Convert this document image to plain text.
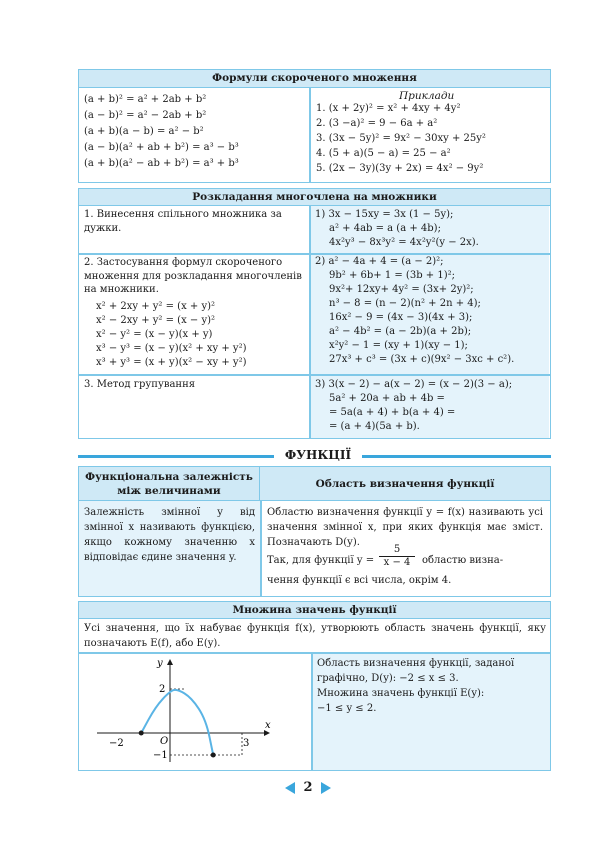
Формули скороченого множення
(a + b)² = a² + 2ab + b²
(a − b)² = a² − 2ab + b²
(a + b)(a − b) = a² − b²
(a − b)(a² + ab + b²) = a³ − b³
(a + b)(a² − ab + b²) = a³ + b³
Приклади
1. (x + 2y)² = x² + 4xy + 4y²
2. (3 −a)² = 9 − 6a + a²
3. (3x − 5y)² = 9x² − 30xy + 25y²
4. (5 + a)(5 − a) = 25 − a²
5. (2x − 3y)(3y + 2x) = 4x² − 9y²
Розкладання многочлена на множники
1. Винесення спільного множника за дужки.
1) 3x − 15xy = 3x (1 − 5y);
a² + 4ab = a (a + 4b);
4x²y³ − 8x³y² = 4x²y²(y − 2x).
2. Застосування формул скороченого множення для розкладання многочленів на множники.
x² + 2xy + y² = (x + y)²
x² − 2xy + y² = (x − y)²
x² − y² = (x − y)(x + y)
x³ − y³ = (x − y)(x² + xy + y²)
x³ + y³ = (x + y)(x² − xy + y²)
2) a² − 4a + 4 = (a − 2)²;
9b² + 6b+ 1 = (3b + 1)²;
9x²+ 12xy+ 4y² = (3x+ 2y)²;
n³ − 8 = (n − 2)(n² + 2n + 4);
16x² − 9 = (4x − 3)(4x + 3);
a² − 4b² = (a − 2b)(a + 2b);
x²y² − 1 = (xy + 1)(xy − 1);
27x³ + c³ = (3x + c)(9x² − 3xc + c²).
3. Метод групування	3) 3(x − 2) − a(x − 2) = (x − 2)(3 − a);
5a² + 20a + ab + 4b =
= 5a(a + 4) + b(a + 4) =
= (a + 4)(5a + b).
ФУНКЦІЇ
Функціональна залежність між величинами
Область визначення функції
Залежність змінної y від змінної x називають функцією, якщо кожному значенню x відповідає єдине значення y.
Областю визначення функції y = f(x) називають усі значення змінної x, при яких функція має зміст. Позначають D(y).
Так, для функції $y = \frac{5}{x - 4}$ областю визна-
чення функції є всі числа, окрім 4.
Множина значень функції
Усі значення, що їх набуває функція f(x), утворюють область значень функції, яку позначають E(f), або E(y).
Область визначення функції, заданої
графічно, D(y): −2 ≤ x ≤ 3.
Множина значень функції E(y):
−1 ≤ y ≤ 2.
y
x
O
2
−1
−2	3
2
